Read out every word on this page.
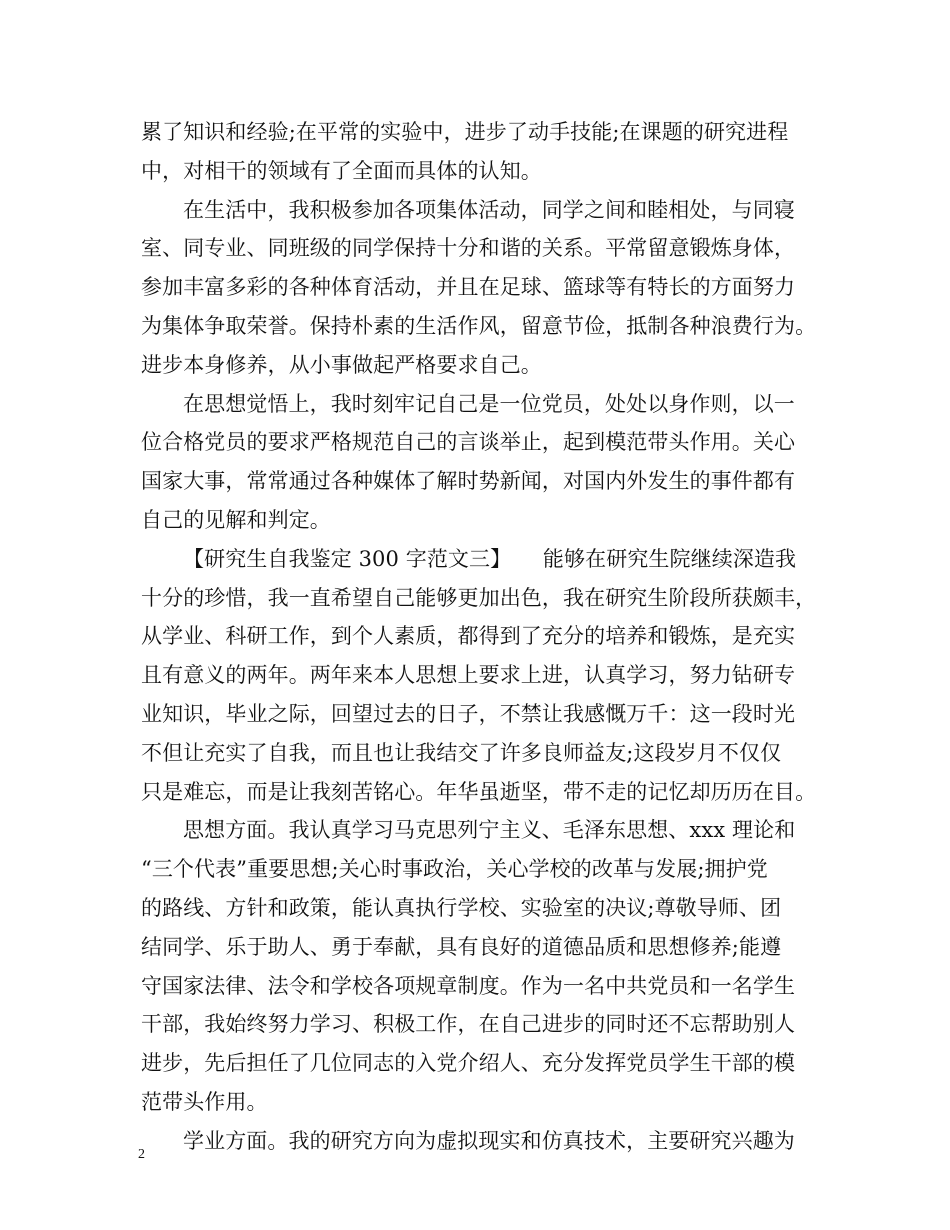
累了知识和经验;在平常的实验中，进步了动手技能;在课题的研究进程
中，对相干的领域有了全面而具体的认知。
在生活中，我积极参加各项集体活动，同学之间和睦相处，与同寝
室、同专业、同班级的同学保持十分和谐的关系。平常留意锻炼身体，
参加丰富多彩的各种体育活动，并且在足球、篮球等有特长的方面努力
为集体争取荣誉。保持朴素的生活作风，留意节俭，抵制各种浪费行为。
进步本身修养，从小事做起严格要求自己。
在思想觉悟上，我时刻牢记自己是一位党员，处处以身作则，以一
位合格党员的要求严格规范自己的言谈举止，起到模范带头作用。关心
国家大事，常常通过各种媒体了解时势新闻，对国内外发生的事件都有
自己的见解和判定。
【研究生自我鉴定 300 字范文三】　　能够在研究生院继续深造我
十分的珍惜，我一直希望自己能够更加出色，我在研究生阶段所获颇丰，
从学业、科研工作，到个人素质，都得到了充分的培养和锻炼，是充实
且有意义的两年。两年来本人思想上要求上进，认真学习，努力钻研专
业知识，毕业之际，回望过去的日子，不禁让我感慨万千：这一段时光
不但让充实了自我，而且也让我结交了许多良师益友;这段岁月不仅仅
只是难忘，而是让我刻苦铭心。年华虽逝坚，带不走的记忆却历历在目。
思想方面。我认真学习马克思列宁主义、毛泽东思想、xxx 理论和
“三个代表”重要思想;关心时事政治，关心学校的改革与发展;拥护党
的路线、方针和政策，能认真执行学校、实验室的决议;尊敬导师、团
结同学、乐于助人、勇于奉献，具有良好的道德品质和思想修养;能遵
守国家法律、法令和学校各项规章制度。作为一名中共党员和一名学生
干部，我始终努力学习、积极工作，在自己进步的同时还不忘帮助别人
进步，先后担任了几位同志的入党介绍人、充分发挥党员学生干部的模
范带头作用。
学业方面。我的研究方向为虚拟现实和仿真技术，主要研究兴趣为
2
